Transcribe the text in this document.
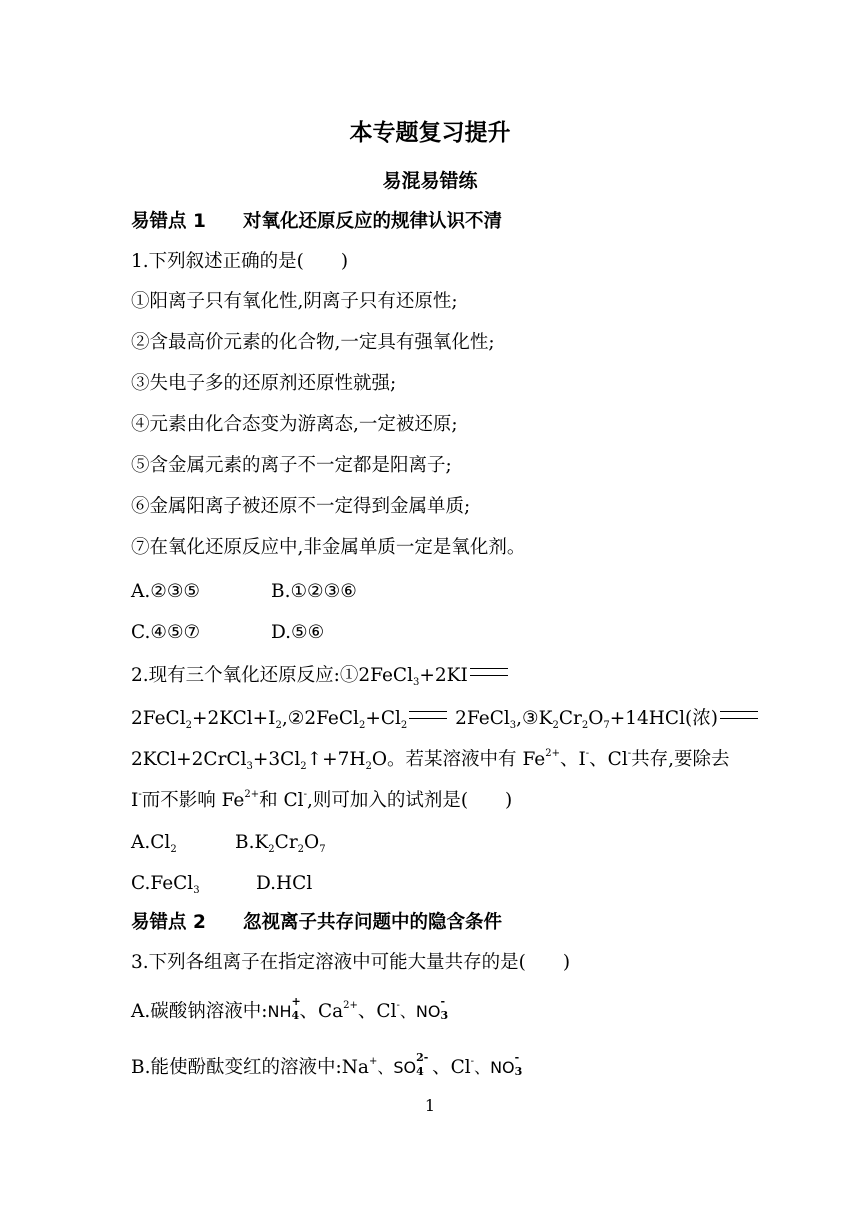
本专题复习提升
易混易错练
易错点 1 对氧化还原反应的规律认识不清
1.下列叙述正确的是(　　)
①阳离子只有氧化性,阴离子只有还原性;
②含最高价元素的化合物,一定具有强氧化性;
③失电子多的还原剂还原性就强;
④元素由化合态变为游离态,一定被还原;
⑤含金属元素的离子不一定都是阳离子;
⑥金属阳离子被还原不一定得到金属单质;
⑦在氧化还原反应中,非金属单质一定是氧化剂。
A.②③⑤	B.①②③⑥
C.④⑤⑦	D.⑤⑥
2.现有三个氧化还原反应:①2FeCl$_3$+2KI
$2FeCl_2+2KCl+I_2,②2FeCl_2+Cl_2$ $2FeCl_3,③K_2Cr_2O_7+14HCl$(浓)
$2KCl+2CrCl_3+3Cl_2↑+7H_2O$。若某溶液中有 $Fe^{2+}$、I-、Cl-共存,要除去
I-而不影响 $Fe^{2+}$和 Cl-,则可加入的试剂是(　　)
$A.Cl_2$	$B.K_2Cr_2O_7$
C.FeCl$_3$	D.HCl
易错点 2 忽视离子共存问题中的隐含条件
3.下列各组离子在指定溶液中可能大量共存的是(　　)
A.碳酸钠溶液中:NH
+
4 、$Ca^{2+}$、Cl-、NO
-
3
B.能使酚酞变红的溶液中:Na+、SO
2-
4 、Cl-、NO
-
3
1
